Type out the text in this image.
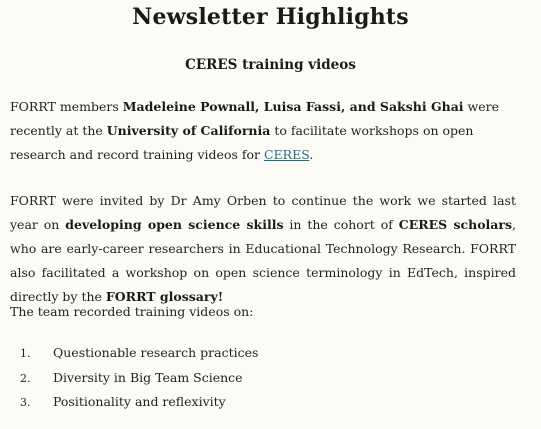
Newsletter Highlights
CERES training videos

FORRT members Madeleine Pownall, Luisa Fassi, and Sakshi Ghai were recently at the University of California to facilitate workshops on open research and record training videos for CERES.

FORRT were invited by Dr Amy Orben to continue the work we started last year on developing open science skills in the cohort of CERES scholars, who are early-career researchers in Educational Technology Research. FORRT also facilitated a workshop on open science terminology in EdTech, inspired directly by the FORRT glossary!

The team recorded training videos on:

1.	Questionable research practices
2.	Diversity in Big Team Science
3.	Positionality and reflexivity
